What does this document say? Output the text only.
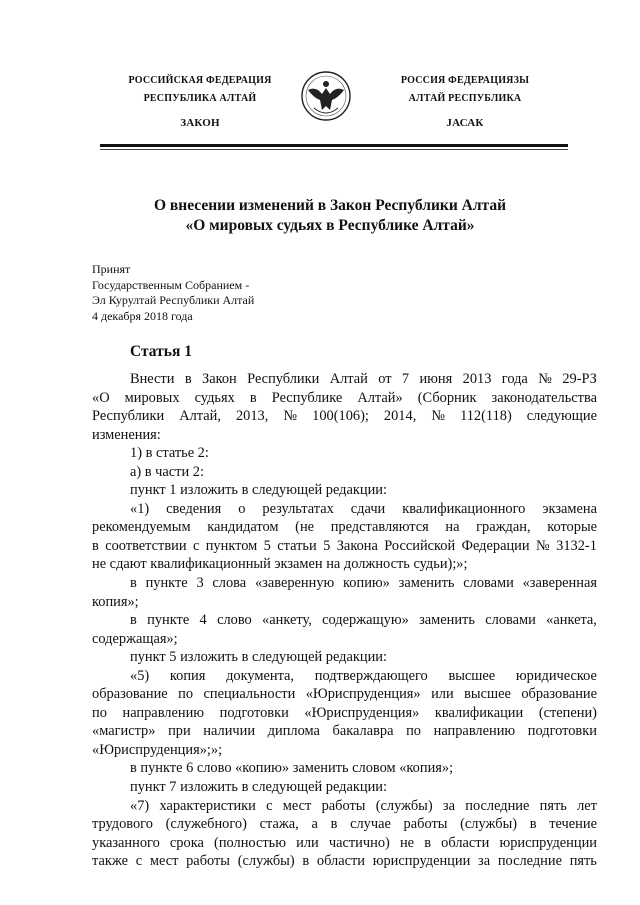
РОССИЙСКАЯ ФЕДЕРАЦИЯ
РЕСПУБЛИКА АЛТАЙ
ЗАКОН
РОССИЯ ФЕДЕРАЦИЯЗЫ
АЛТАЙ РЕСПУБЛИКА
ЈАСАК
О внесении изменений в Закон Республики Алтай
«О мировых судьях в Республике Алтай»
Принят
Государственным Собранием -
Эл Курултай Республики Алтай
4 декабря 2018 года
Статья 1
Внести в Закон Республики Алтай от 7 июня 2013 года № 29-РЗ
«О мировых судьях в Республике Алтай» (Сборник законодательства
Республики Алтай, 2013, № 100(106); 2014, № 112(118) следующие
изменения:
1) в статье 2:
а) в части 2:
пункт 1 изложить в следующей редакции:
«1) сведения о результатах сдачи квалификационного экзамена
рекомендуемым кандидатом (не представляются на граждан, которые
в соответствии с пунктом 5 статьи 5 Закона Российской Федерации № 3132-1
не сдают квалификационный экзамен на должность судьи);»;
в пункте 3 слова «заверенную копию» заменить словами «заверенная
копия»;
в пункте 4 слово «анкету, содержащую» заменить словами «анкета,
содержащая»;
пункт 5 изложить в следующей редакции:
«5) копия документа, подтверждающего высшее юридическое
образование по специальности «Юриспруденция» или высшее образование
по направлению подготовки «Юриспруденция» квалификации (степени)
«магистр» при наличии диплома бакалавра по направлению подготовки
«Юриспруденция»;»;
в пункте 6 слово «копию» заменить словом «копия»;
пункт 7 изложить в следующей редакции:
«7) характеристики с мест работы (службы) за последние пять лет
трудового (служебного) стажа, а в случае работы (службы) в течение
указанного срока (полностью или частично) не в области юриспруденции
также с мест работы (службы) в области юриспруденции за последние пять
